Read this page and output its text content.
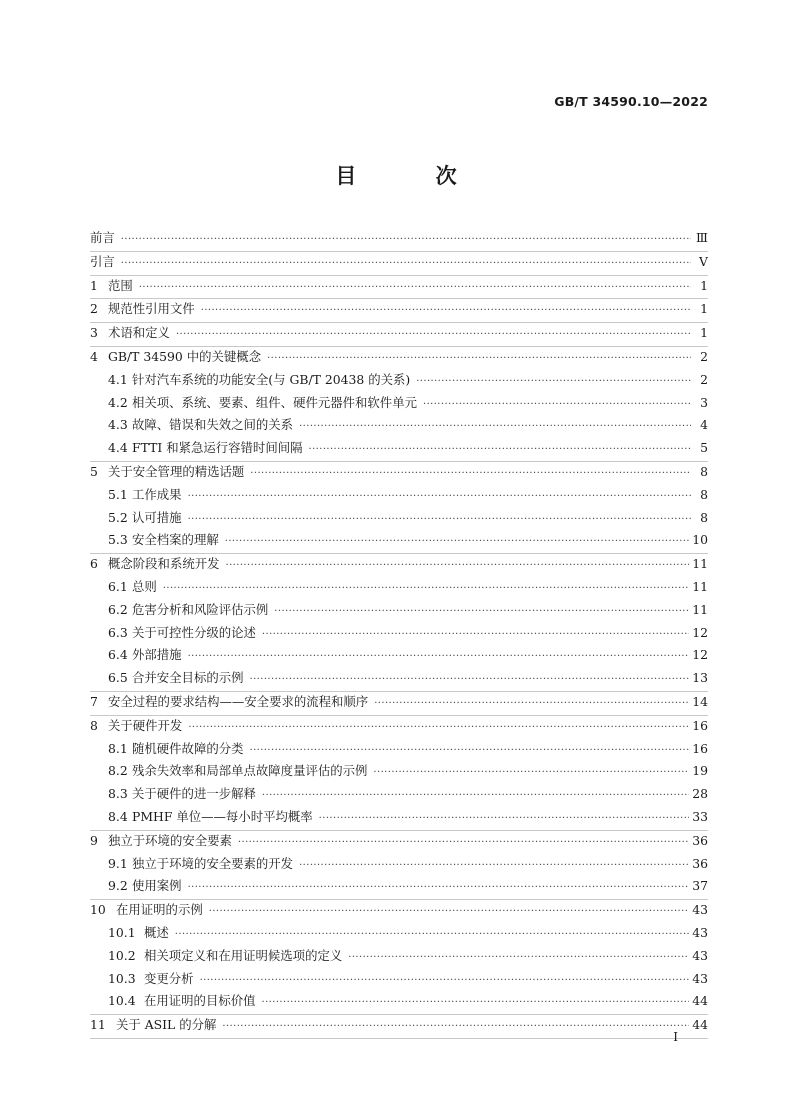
GB/T 34590.10—2022
目 次
前言 ·····	Ⅲ
引言 ·····	Ⅴ
1 范围 ·····	1
2 规范性引用文件 ·····	1
3 术语和定义 ·····	1
4 GB/T 34590 中的关键概念 ·····	2
4.1 针对汽车系统的功能安全(与 GB/T 20438 的关系) ·····	2
4.2 相关项、系统、要素、组件、硬件元器件和软件单元 ·····	3
4.3 故障、错误和失效之间的关系 ·····	4
4.4 FTTI 和紧急运行容错时间间隔 ·····	5
5 关于安全管理的精选话题 ·····	8
5.1 工作成果 ·····	8
5.2 认可措施 ·····	8
5.3 安全档案的理解 ·····	10
6 概念阶段和系统开发 ·····	11
6.1 总则 ·····	11
6.2 危害分析和风险评估示例 ·····	11
6.3 关于可控性分级的论述 ·····	12
6.4 外部措施 ·····	12
6.5 合并安全目标的示例 ·····	13
7 安全过程的要求结构——安全要求的流程和顺序 ·····	14
8 关于硬件开发 ·····	16
8.1 随机硬件故障的分类 ·····	16
8.2 残余失效率和局部单点故障度量评估的示例 ·····	19
8.3 关于硬件的进一步解释 ·····	28
8.4 PMHF 单位——每小时平均概率 ·····	33
9 独立于环境的安全要素 ·····	36
9.1 独立于环境的安全要素的开发 ·····	36
9.2 使用案例 ·····	37
10 在用证明的示例 ·····	43
10.1 概述 ·····	43
10.2 相关项定义和在用证明候选项的定义 ·····	43
10.3 变更分析 ·····	43
10.4 在用证明的目标价值 ·····	44
11 关于 ASIL 的分解 ·····	44
I
